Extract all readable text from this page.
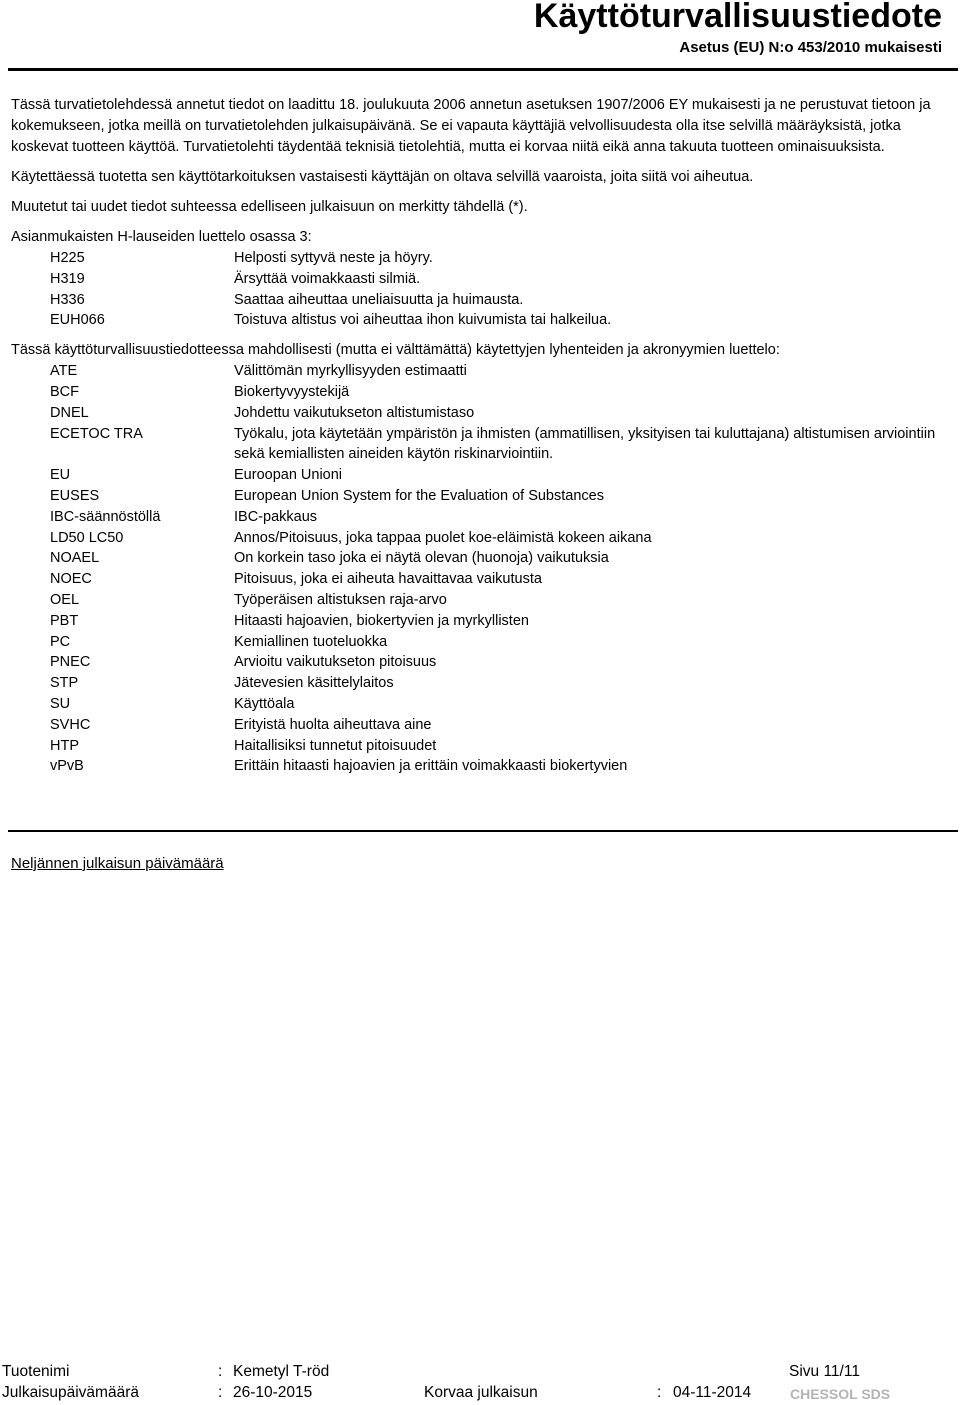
Käyttöturvallisuustiedote
Asetus (EU) N:o 453/2010 mukaisesti

Tässä turvatietolehdessä annetut tiedot on laadittu 18. joulukuuta 2006 annetun asetuksen 1907/2006 EY mukaisesti ja ne perustuvat tietoon ja kokemukseen, jotka meillä on turvatietolehden julkaisupäivänä. Se ei vapauta käyttäjiä velvollisuudesta olla itse selvillä määräyksistä, jotka koskevat tuotteen käyttöä. Turvatietolehti täydentää teknisiä tietolehtiä, mutta ei korvaa niitä eikä anna takuuta tuotteen ominaisuuksista.

Käytettäessä tuotetta sen käyttötarkoituksen vastaisesti käyttäjän on oltava selvillä vaaroista, joita siitä voi aiheutua.

Muutetut tai uudet tiedot suhteessa edelliseen julkaisuun on merkitty tähdellä (*).

Asianmukaisten H-lauseiden luettelo osassa 3:

H225	Helposti syttyvä neste ja höyry.
H319	Ärsyttää voimakkaasti silmiä.
H336	Saattaa aiheuttaa uneliaisuutta ja huimausta.
EUH066	Toistuva altistus voi aiheuttaa ihon kuivumista tai halkeilua.

Tässä käyttöturvallisuustiedotteessa mahdollisesti (mutta ei välttämättä) käytettyjen lyhenteiden ja akronyymien luettelo:

ATE	Välittömän myrkyllisyyden estimaatti
BCF	Biokertyvyystekijä
DNEL	Johdettu vaikutukseton altistumistaso
ECETOC TRA	Työkalu, jota käytetään ympäristön ja ihmisten (ammatillisen, yksityisen tai kuluttajana) altistumisen arviointiin sekä kemiallisten aineiden käytön riskinarviointiin.
EU	Euroopan Unioni
EUSES	European Union System for the Evaluation of Substances
IBC-säännöstöllä	IBC-pakkaus
LD50 LC50	Annos/Pitoisuus, joka tappaa puolet koe-eläimistä kokeen aikana
NOAEL	On korkein taso joka ei näytä olevan (huonoja) vaikutuksia
NOEC	Pitoisuus, joka ei aiheuta havaittavaa vaikutusta
OEL	Työperäisen altistuksen raja-arvo
PBT	Hitaasti hajoavien, biokertyvien ja myrkyllisten
PC	Kemiallinen tuoteluokka
PNEC	Arvioitu vaikutukseton pitoisuus
STP	Jätevesien käsittelylaitos
SU	Käyttöala
SVHC	Erityistä huolta aiheuttava aine
HTP	Haitallisiksi tunnetut pitoisuudet
vPvB	Erittäin hitaasti hajoavien ja erittäin voimakkaasti biokertyvien
Neljännen julkaisun päivämäärä
Tuotenimi	: Kemetyl T-röd	Sivu 11/11
Julkaisupäivämäärä	: 26-10-2015	Korvaa julkaisun	: 04-11-2014	CHESSOL SDS
